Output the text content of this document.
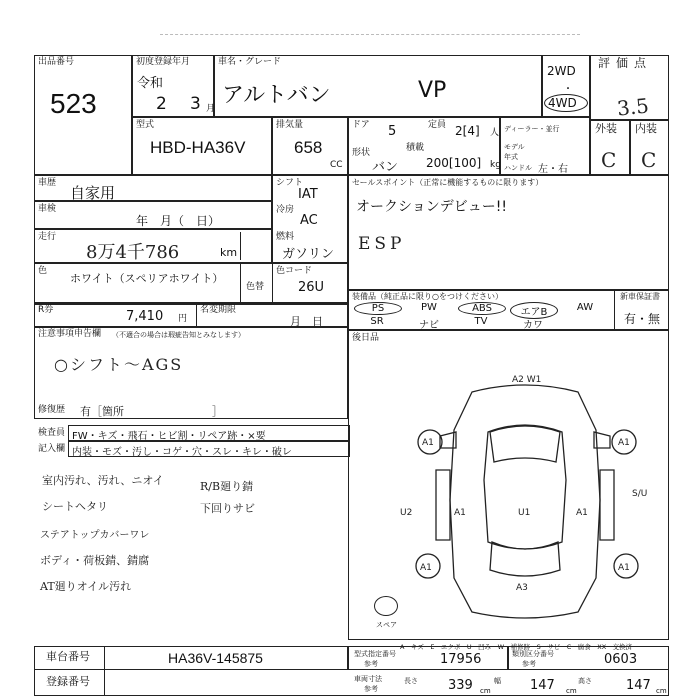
出品番号
523
初度登録年月
令和
2 3 月
車名・グレード
アルトバン	VP
型式
HBD-HA36V
排気量
658
CC
ドア 5	定員 2[4] 人
形状	積載
バン 200[100] kg
ディーラー・並行
モデル年式
ハンドル 左・右
2WD
・
4WD
評価点
3.5
外装 内装
C C
車歴
自家用
車検
年　月（　日）
走行
8万4千786	km
色
ホワイト（スペリアホワイト）
色替
色コード
26U
シフト
IAT
冷房
AC
燃料
ガソリン
R券	7,410 円
名変期限
月　日
セールスポイント（正常に機能するものに限ります）
オークションデビュー!!
ESP
装備品（純正品に限り○をつけください）	新車保証書
有・無
注意事項申告欄 （不適合の場合は瑕疵告知とみなします）
○シフト～AGS
修復歴 有［箇所　　　　　　　　］
後日品
A2 W1
A1	A1
U2	A1	U1	A1
S/U
A1	A1
A3
スペア
A－キズ　E－エクボ　U－凹み　W－補修跡　S－サビ　C－腐食　XX－交換済
検査員 FW・キズ・飛石・ヒビ割・リペア跡・×要
記入欄 内装・モズ・汚し・コゲ・穴・スレ・キレ・破レ
室内汚れ、汚れ、ニオイ
シートヘタリ
ステアトップカバーワレ
ボディ・荷板錆、錆腐
AT廻りオイル汚れ
R/B廻り錆
下回りサビ
車台番号	HA36V-145875
登録番号
型式指定番号
参考	17956	類別区分番号
参考	0603
車両寸法
参考
長さ 339 cm
幅 147 cm
高さ	147 cm
PS	PW	ABS	エアB	AW
SR	ナビ	TV	カワ
